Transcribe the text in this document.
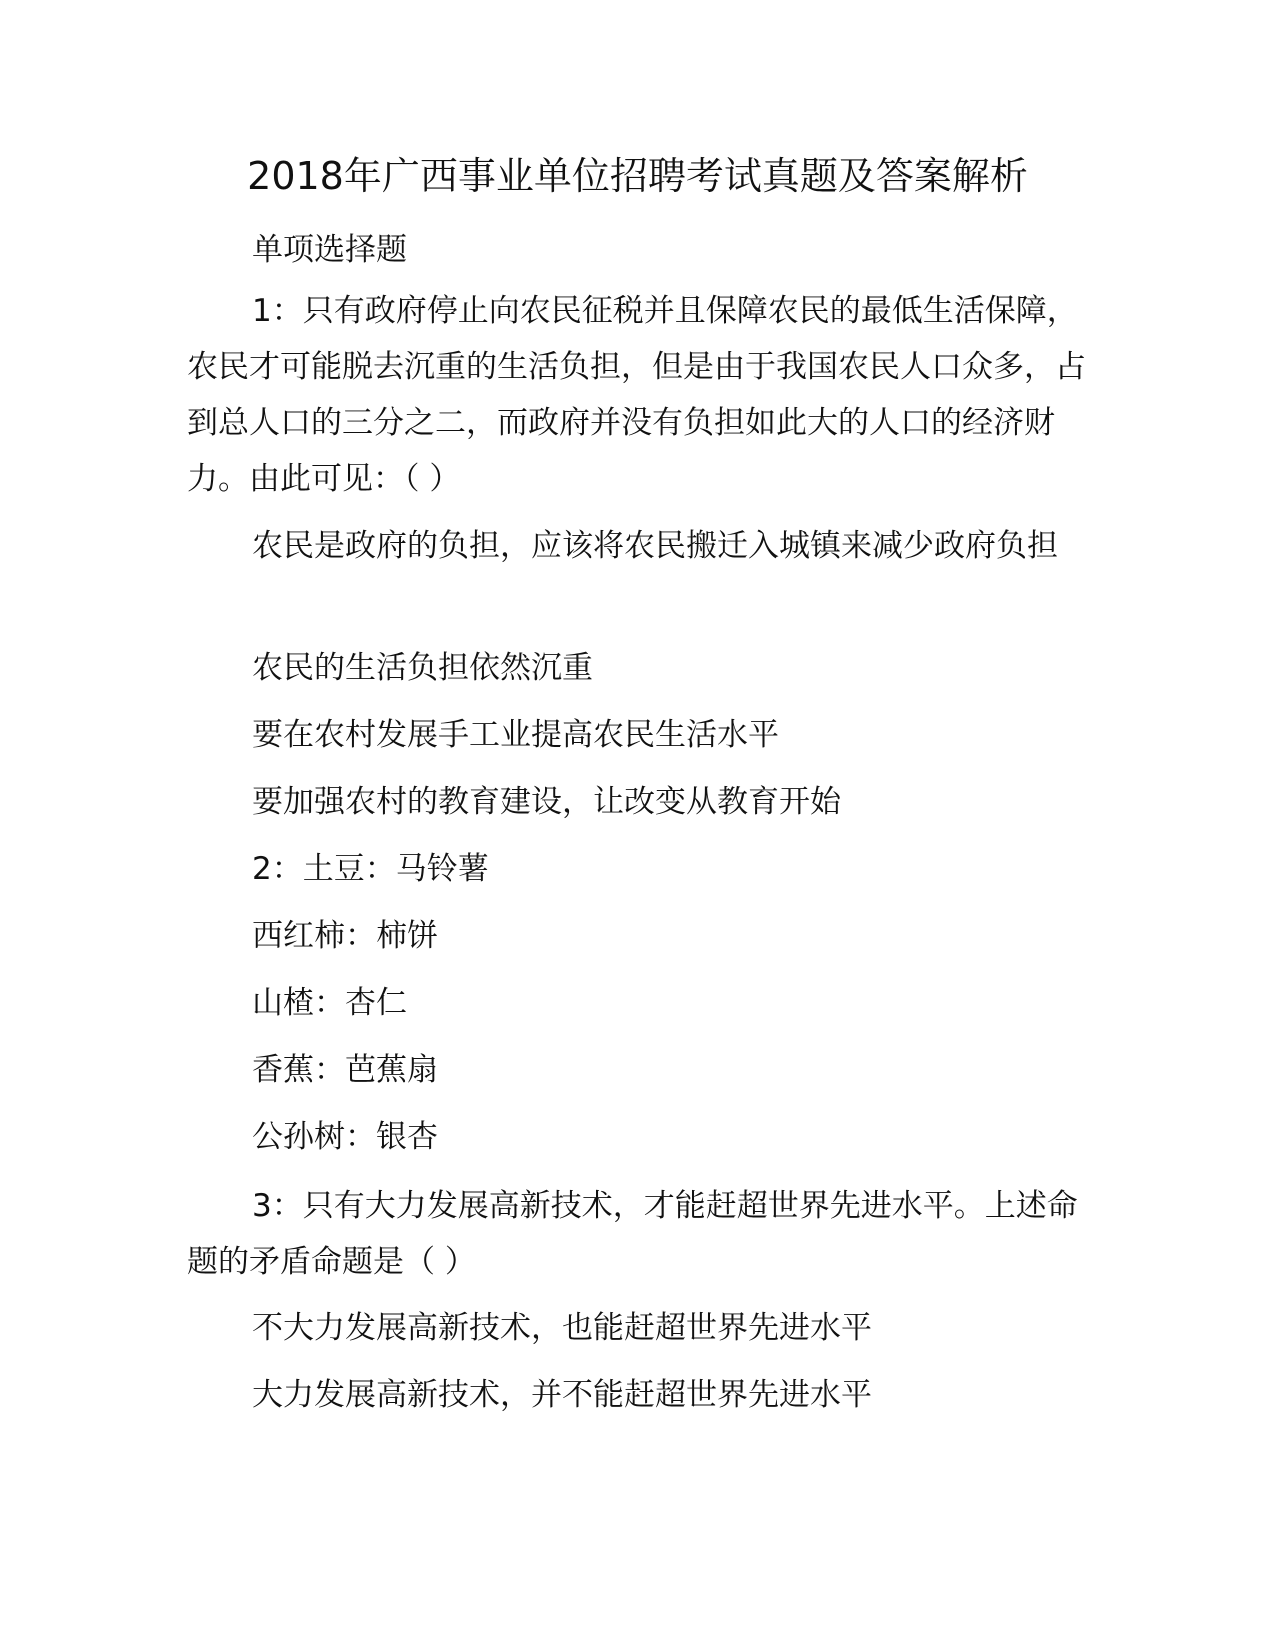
2018年广西事业单位招聘考试真题及答案解析

单项选择题

1：只有政府停止向农民征税并且保障农民的最低生活保障，农民才可能脱去沉重的生活负担，但是由于我国农民人口众多，占到总人口的三分之二，而政府并没有负担如此大的人口的经济财力。由此可见：（ ）

农民是政府的负担，应该将农民搬迁入城镇来减少政府负担

农民的生活负担依然沉重

要在农村发展手工业提高农民生活水平

要加强农村的教育建设，让改变从教育开始

2：土豆：马铃薯

西红柿：柿饼

山楂：杏仁

香蕉：芭蕉扇

公孙树：银杏

3：只有大力发展高新技术，才能赶超世界先进水平。上述命题的矛盾命题是（ ）

不大力发展高新技术，也能赶超世界先进水平

大力发展高新技术，并不能赶超世界先进水平
